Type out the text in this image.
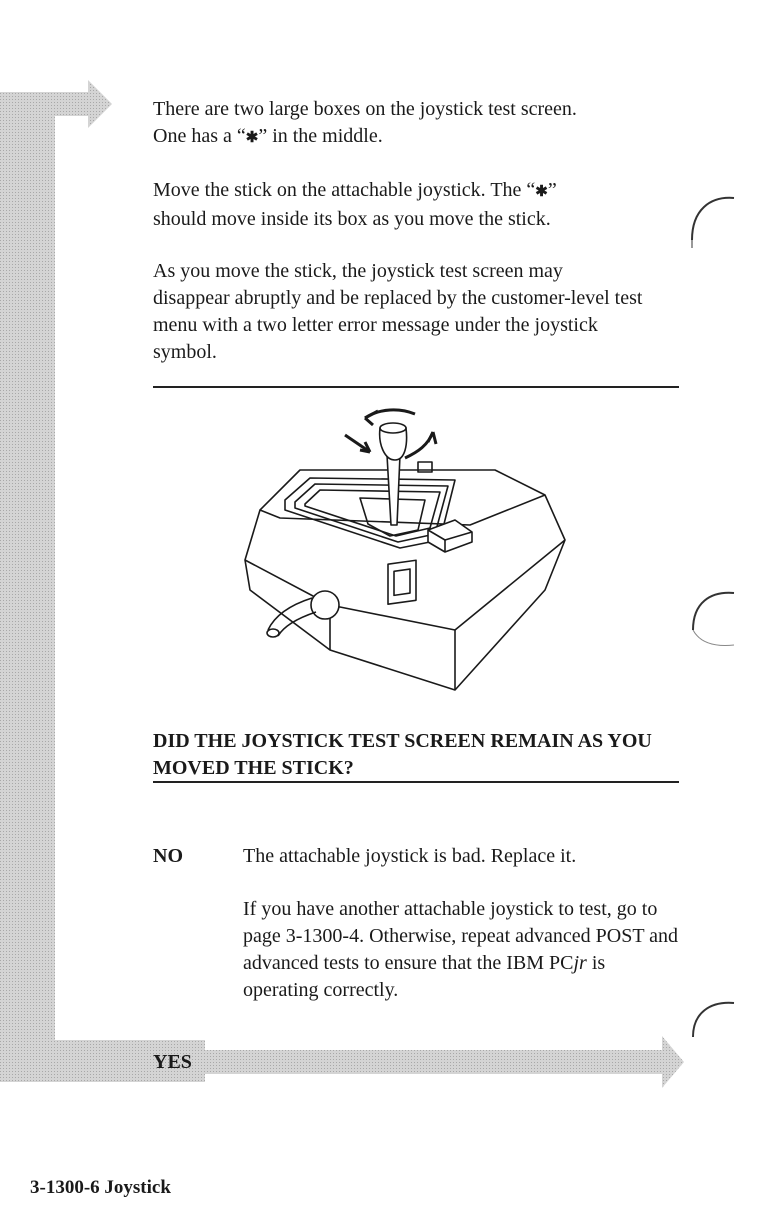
There are two large boxes on the joystick test screen.
One has a “✱” in the middle.

Move the stick on the attachable joystick. The “✱”
should move inside its box as you move the stick.

As you move the stick, the joystick test screen may disappear abruptly and be replaced by the customer-level test menu with a two letter error message under the joystick symbol.

DID THE JOYSTICK TEST SCREEN REMAIN AS YOU MOVED THE STICK?

NO	The attachable joystick is bad. Replace it.

If you have another attachable joystick to test, go to page 3-1300-4. Otherwise, repeat advanced POST and advanced tests to ensure that the IBM PCjr is operating correctly.

YES

3-1300-6 Joystick
